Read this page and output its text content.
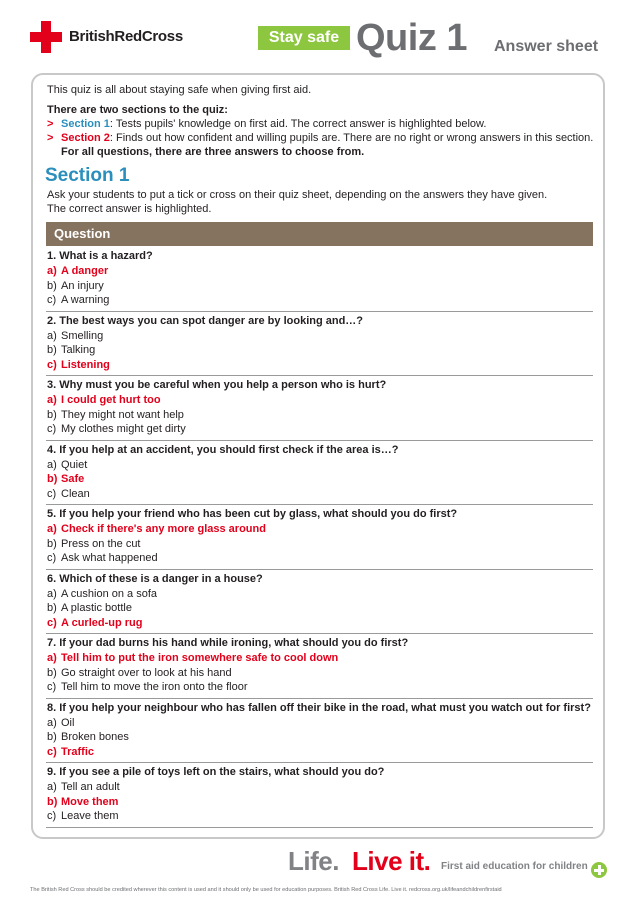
BritishRedCross	Stay safe Quiz 1 Answer sheet

This quiz is all about staying safe when giving first aid.

There are two sections to the quiz:

> Section 1: Tests pupils' knowledge on first aid. The correct answer is highlighted below.

> Section 2: Finds out how confident and willing pupils are. There are no right or wrong answers in this section.

For all questions, there are three answers to choose from.

Section 1

Ask your students to put a tick or cross on their quiz sheet, depending on the answers they have given.

The correct answer is highlighted.

Question
1. What is a hazard?
a) A danger
b) An injury
c) A warning
2. The best ways you can spot danger are by looking and…?
a) Smelling
b) Talking
c) Listening
3. Why must you be careful when you help a person who is hurt?
a) I could get hurt too
b) They might not want help
c) My clothes might get dirty
4. If you help at an accident, you should first check if the area is…?
a) Quiet
b) Safe
c) Clean
5. If you help your friend who has been cut by glass, what should you do first?
a) Check if there's any more glass around
b) Press on the cut
c) Ask what happened
6. Which of these is a danger in a house?
a) A cushion on a sofa
b) A plastic bottle
c) A curled-up rug
7. If your dad burns his hand while ironing, what should you do first?
a) Tell him to put the iron somewhere safe to cool down
b) Go straight over to look at his hand
c) Tell him to move the iron onto the floor
8. If you help your neighbour who has fallen off their bike in the road, what must you watch out for first?
a) Oil
b) Broken bones
c) Traffic
9. If you see a pile of toys left on the stairs, what should you do?
a) Tell an adult
b) Move them
c) Leave them
Life. Live it. First aid education for children
The British Red Cross should be credited wherever this content is used and it should only be used for education purposes. British Red Cross Life. Live it. redcross.org.uk/lifeandchildrenfirstaid
